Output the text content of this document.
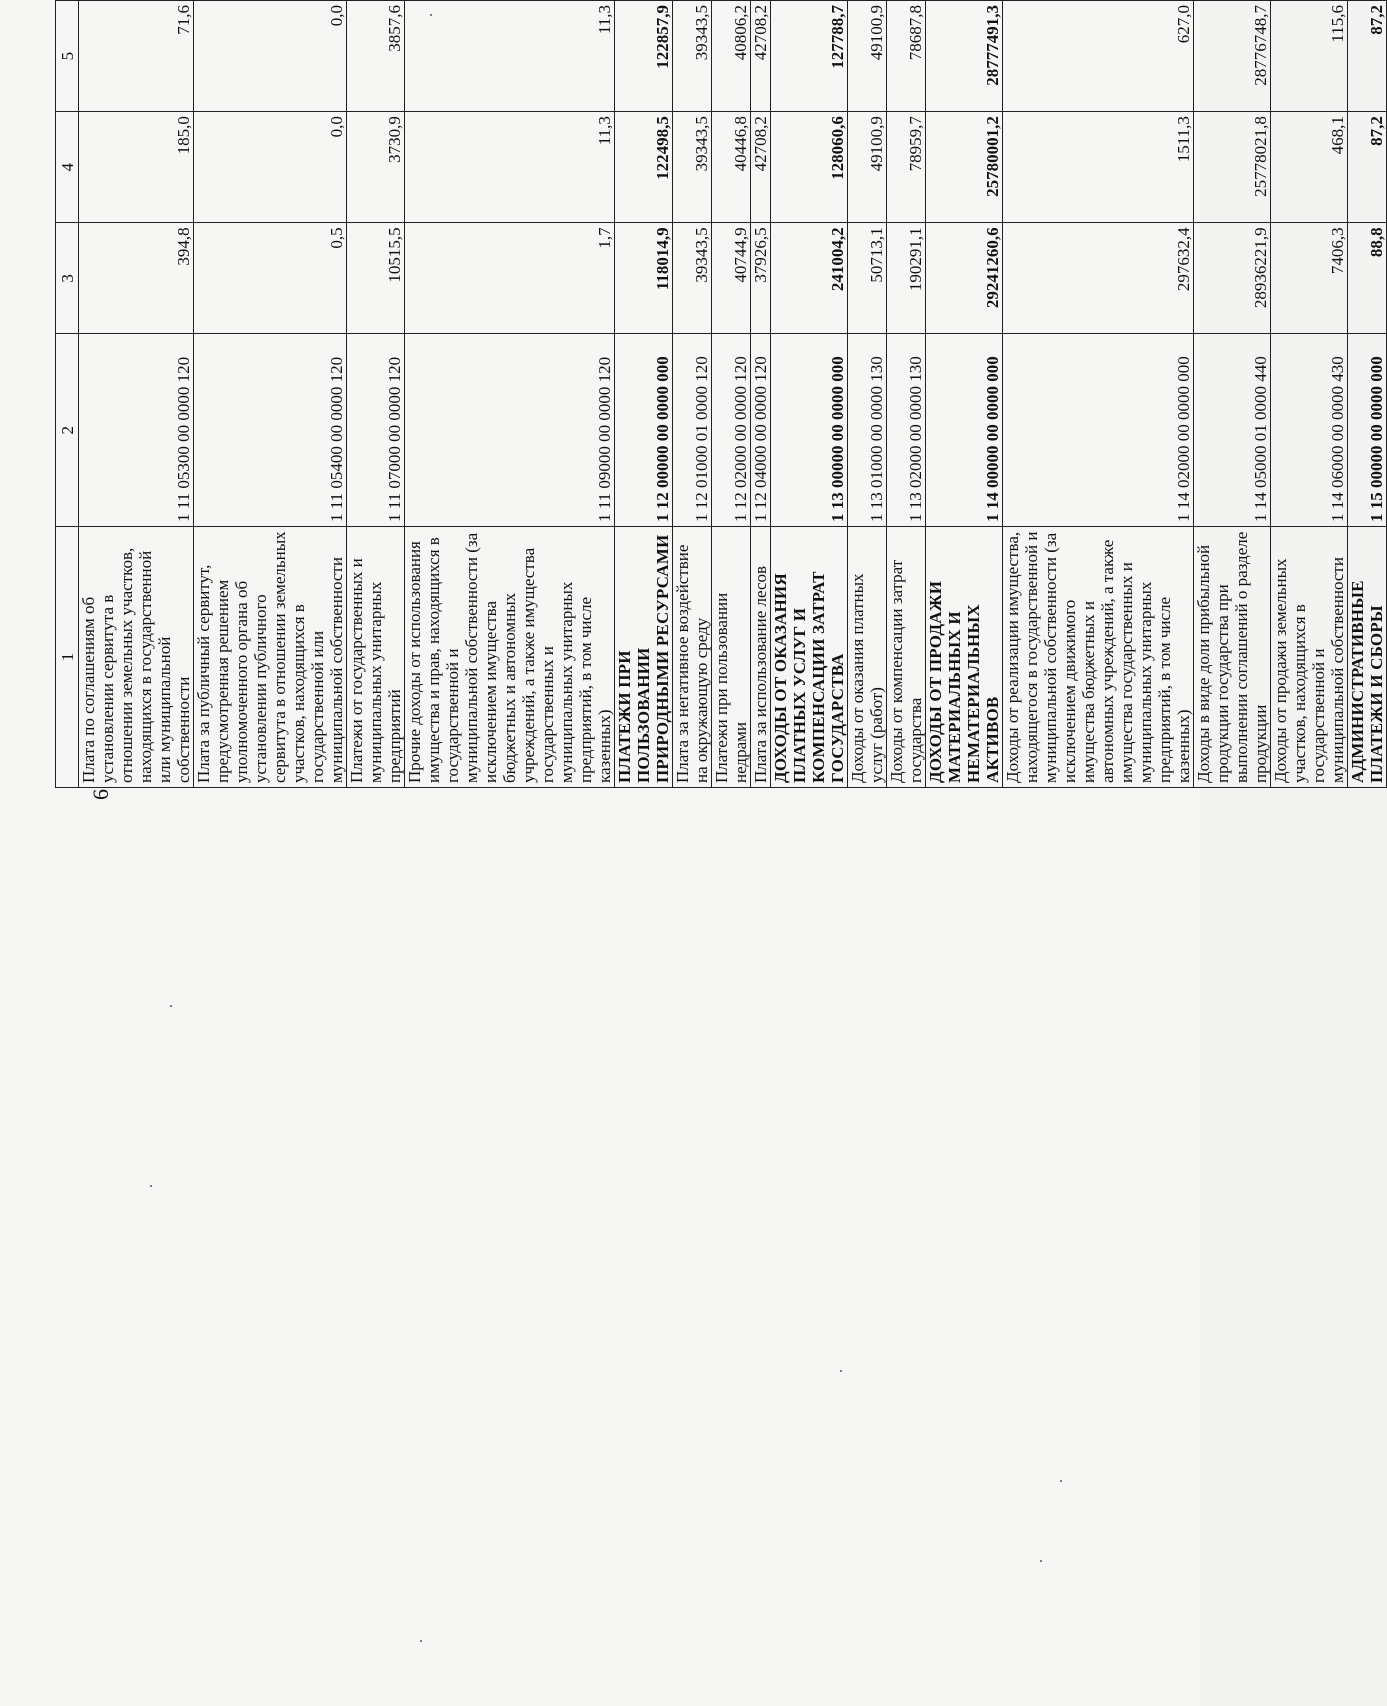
6
1	2	3	4	5
Плата по соглашениям об установлении сервитута в отношении земельных участков, находящихся в государственной или муниципальной собственности	1 11 05300 00 0000 120	394,8	185,0	71,6
Плата за публичный сервитут, предусмотренная решением уполномоченного органа об установлении публичного сервитута в отношении земельных участков, находящихся в государственной или муниципальной собственности	1 11 05400 00 0000 120	0,5	0,0	0,0
Платежи от государственных и муниципальных унитарных предприятий	1 11 07000 00 0000 120	10515,5	3730,9	3857,6
Прочие доходы от использования имущества и прав, находящихся в государственной и муниципальной собственности (за исключением имущества бюджетных и автономных учреждений, а также имущества государственных и муниципальных унитарных предприятий, в том числе казенных)	1 11 09000 00 0000 120	1,7	11,3	11,3
ПЛАТЕЖИ ПРИ ПОЛЬЗОВАНИИ ПРИРОДНЫМИ РЕСУРСАМИ	1 12 00000 00 0000 000	118014,9	122498,5	122857,9
Плата за негативное воздействие на окружающую среду	1 12 01000 01 0000 120	39343,5	39343,5	39343,5
Платежи при пользовании недрами	1 12 02000 00 0000 120	40744,9	40446,8	40806,2
Плата за использование лесов	1 12 04000 00 0000 120	37926,5	42708,2	42708,2
ДОХОДЫ ОТ ОКАЗАНИЯ ПЛАТНЫХ УСЛУГ И КОМПЕНСАЦИИ ЗАТРАТ ГОСУДАРСТВА	1 13 00000 00 0000 000	241004,2	128060,6	127788,7
Доходы от оказания платных услуг (работ)	1 13 01000 00 0000 130	50713,1	49100,9	49100,9
Доходы от компенсации затрат государства	1 13 02000 00 0000 130	190291,1	78959,7	78687,8
ДОХОДЫ ОТ ПРОДАЖИ МАТЕРИАЛЬНЫХ И НЕМАТЕРИАЛЬНЫХ АКТИВОВ	1 14 00000 00 0000 000	29241260,6	25780001,2	28777491,3
Доходы от реализации имущества, находящегося в государственной и муниципальной собственности (за исключением движимого имущества бюджетных и автономных учреждений, а также имущества государственных и муниципальных унитарных предприятий, в том числе казенных)	1 14 02000 00 0000 000	297632,4	1511,3	627,0
Доходы в виде доли прибыльной продукции государства при выполнении соглашений о разделе продукции	1 14 05000 01 0000 440	28936221,9	25778021,8	28776748,7
Доходы от продажи земельных участков, находящихся в государственной и муниципальной собственности	1 14 06000 00 0000 430	7406,3	468,1	115,6
АДМИНИСТРАТИВНЫЕ ПЛАТЕЖИ И СБОРЫ	1 15 00000 00 0000 000	88,8	87,2	87,2
